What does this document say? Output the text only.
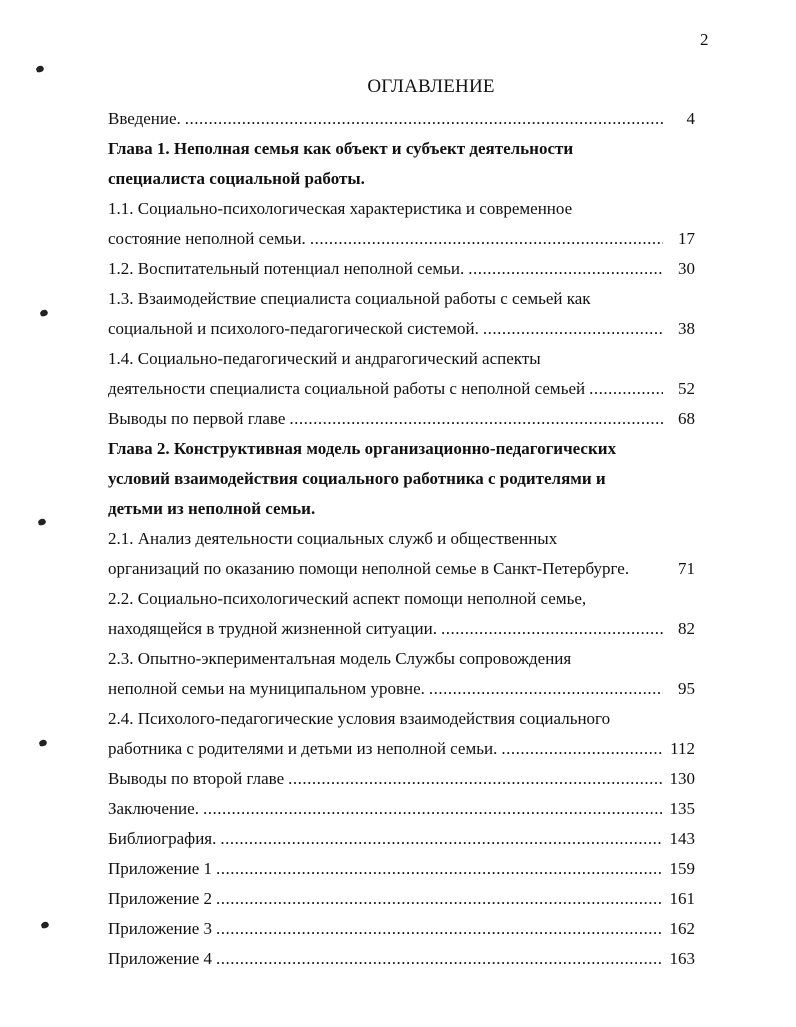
2
ОГЛАВЛЕНИЕ
Введение. .....	4
Глава 1. Неполная семья как объект и субъект деятельности
специалиста социальной работы.
1.1. Социально-психологическая характеристика и современное
состояние неполной семьи. .....	17
1.2. Воспитательный потенциал неполной семьи. .....	30
1.3. Взаимодействие специалиста социальной работы с семьей как
социальной и психолого-педагогической системой. .....	38
1.4. Социально-педагогический и андрагогический аспекты
деятельности специалиста социальной работы с неполной семьей .....	52
Выводы по первой главе .....	68
Глава 2. Конструктивная модель организационно-педагогических
условий взаимодействия социального работника с родителями и
детьми из неполной семьи.
2.1. Анализ деятельности социальных служб и общественных
организаций по оказанию помощи неполной семье в Санкт-Петербурге.	71
2.2. Социально-психологический аспект помощи неполной семье,
находящейся в трудной жизненной ситуации. .....	82
2.3. Опытно-экперименталъная модель Службы сопровождения
неполной семьи на муниципальном уровне. .....	95
2.4. Психолого-педагогические условия взаимодействия социального
работника с родителями и детьми из неполной семьи. .....	112
Выводы по второй главе .....	130
Заключение. .....	135
Библиография. .....	143
Приложение 1 .....	159
Приложение 2 .....	161
Приложение 3 .....	162
Приложение 4 .....	163
